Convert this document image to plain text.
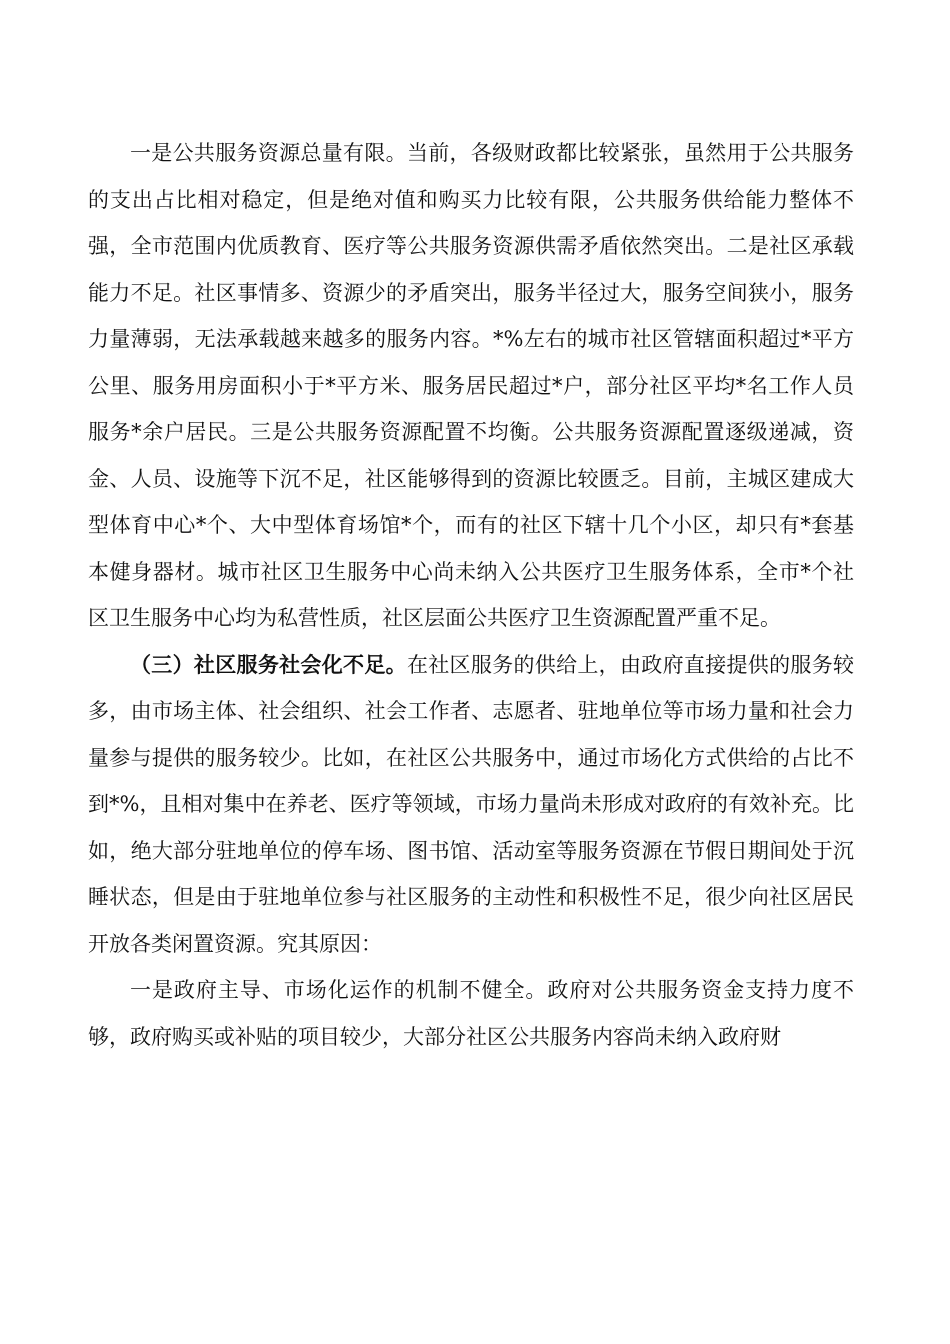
一是公共服务资源总量有限。当前，各级财政都比较紧张，虽然用于公共服务的支出占比相对稳定，但是绝对值和购买力比较有限，公共服务供给能力整体不强，全市范围内优质教育、医疗等公共服务资源供需矛盾依然突出。二是社区承载能力不足。社区事情多、资源少的矛盾突出，服务半径过大，服务空间狭小，服务力量薄弱，无法承载越来越多的服务内容。*%左右的城市社区管辖面积超过*平方公里、服务用房面积小于*平方米、服务居民超过*户，部分社区平均*名工作人员服务*余户居民。三是公共服务资源配置不均衡。公共服务资源配置逐级递减，资金、人员、设施等下沉不足，社区能够得到的资源比较匮乏。目前，主城区建成大型体育中心*个、大中型体育场馆*个，而有的社区下辖十几个小区，却只有*套基本健身器材。城市社区卫生服务中心尚未纳入公共医疗卫生服务体系，全市*个社区卫生服务中心均为私营性质，社区层面公共医疗卫生资源配置严重不足。

（三）社区服务社会化不足。在社区服务的供给上，由政府直接提供的服务较多，由市场主体、社会组织、社会工作者、志愿者、驻地单位等市场力量和社会力量参与提供的服务较少。比如，在社区公共服务中，通过市场化方式供给的占比不到*%，且相对集中在养老、医疗等领域，市场力量尚未形成对政府的有效补充。比如，绝大部分驻地单位的停车场、图书馆、活动室等服务资源在节假日期间处于沉睡状态，但是由于驻地单位参与社区服务的主动性和积极性不足，很少向社区居民开放各类闲置资源。究其原因：

一是政府主导、市场化运作的机制不健全。政府对公共服务资金支持力度不够，政府购买或补贴的项目较少，大部分社区公共服务内容尚未纳入政府财
